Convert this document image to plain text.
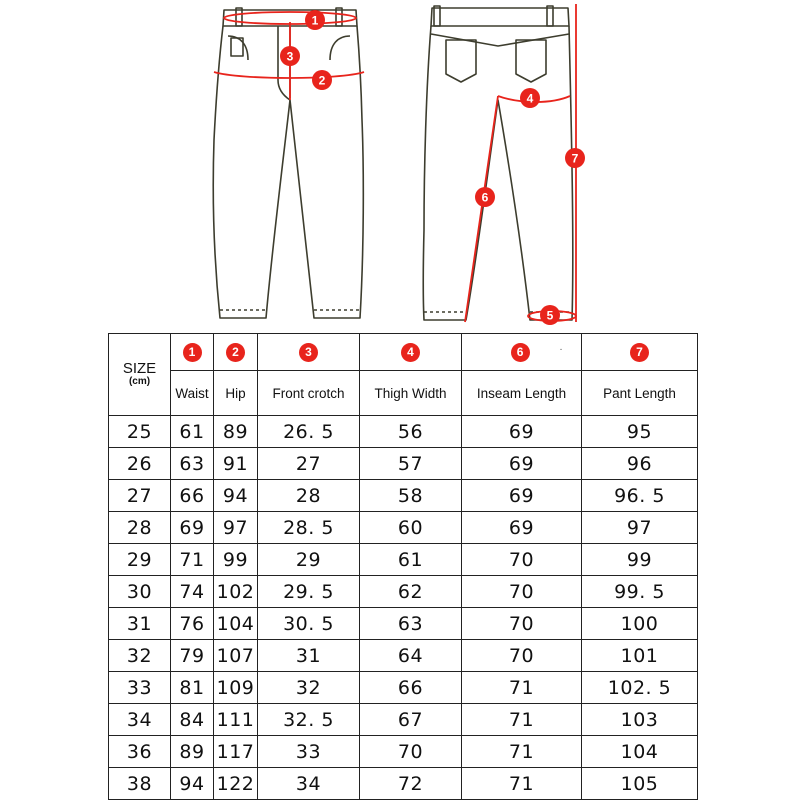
1
2
3
4
5
6
7
SIZE
(cm)	1	2	3	4	6 .	7
	Waist	Hip	Front crotch	Thigh Width	Inseam Length	Pant Length
25	61	89	26. 5	56	69	95
26	63	91	27	57	69	96
27	66	94	28	58	69	96. 5
28	69	97	28. 5	60	69	97
29	71	99	29	61	70	99
30	74	102	29. 5	62	70	99. 5
31	76	104	30. 5	63	70	100
32	79	107	31	64	70	101
33	81	109	32	66	71	102. 5
34	84	111	32. 5	67	71	103
36	89	117	33	70	71	104
38	94	122	34	72	71	105
